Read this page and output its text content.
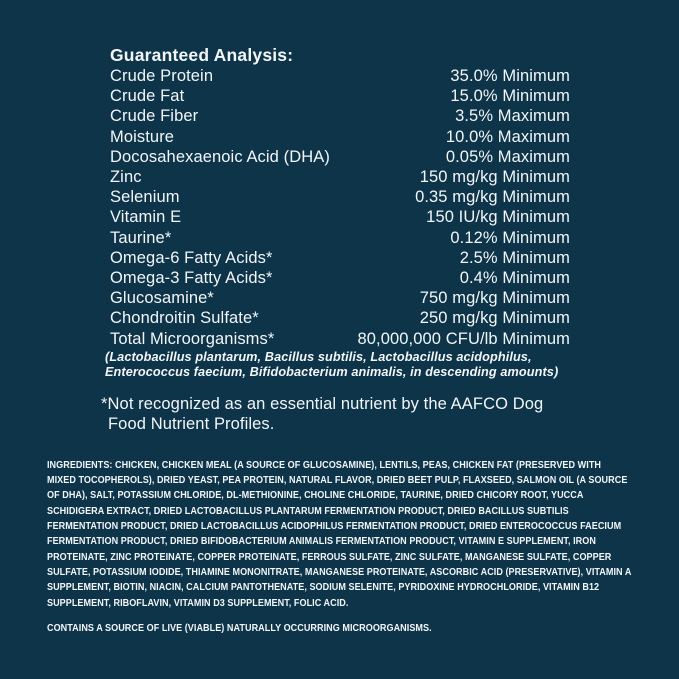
Guaranteed Analysis:
Crude Protein	35.0% Minimum
Crude Fat	15.0% Minimum
Crude Fiber	3.5% Maximum
Moisture	10.0% Maximum
Docosahexaenoic Acid (DHA)	0.05% Maximum
Zinc	150 mg/kg Minimum
Selenium	0.35 mg/kg Minimum
Vitamin E	150 IU/kg Minimum
Taurine*	0.12% Minimum
Omega-6 Fatty Acids*	2.5% Minimum
Omega-3 Fatty Acids*	0.4% Minimum
Glucosamine*	750 mg/kg Minimum
Chondroitin Sulfate*	250 mg/kg Minimum
Total Microorganisms*	80,000,000 CFU/lb Minimum
(Lactobacillus plantarum, Bacillus subtilis, Lactobacillus acidophilus,
Enterococcus faecium, Bifidobacterium animalis, in descending amounts)
*Not recognized as an essential nutrient by the AAFCO Dog
Food Nutrient Profiles.

INGREDIENTS: CHICKEN, CHICKEN MEAL (A SOURCE OF GLUCOSAMINE), LENTILS, PEAS, CHICKEN FAT (PRESERVED WITH MIXED TOCOPHEROLS), DRIED YEAST, PEA PROTEIN, NATURAL FLAVOR, DRIED BEET PULP, FLAXSEED, SALMON OIL (A SOURCE OF DHA), SALT, POTASSIUM CHLORIDE, DL-METHIONINE, CHOLINE CHLORIDE, TAURINE, DRIED CHICORY ROOT, YUCCA SCHIDIGERA EXTRACT, DRIED LACTOBACILLUS PLANTARUM FERMENTATION PRODUCT, DRIED BACILLUS SUBTILIS FERMENTATION PRODUCT, DRIED LACTOBACILLUS ACIDOPHILUS FERMENTATION PRODUCT, DRIED ENTEROCOCCUS FAECIUM FERMENTATION PRODUCT, DRIED BIFIDOBACTERIUM ANIMALIS FERMENTATION PRODUCT, VITAMIN E SUPPLEMENT, IRON PROTEINATE, ZINC PROTEINATE, COPPER PROTEINATE, FERROUS SULFATE, ZINC SULFATE, MANGANESE SULFATE, COPPER SULFATE, POTASSIUM IODIDE, THIAMINE MONONITRATE, MANGANESE PROTEINATE, ASCORBIC ACID (PRESERVATIVE), VITAMIN A SUPPLEMENT, BIOTIN, NIACIN, CALCIUM PANTOTHENATE, SODIUM SELENITE, PYRIDOXINE HYDROCHLORIDE, VITAMIN B12 SUPPLEMENT, RIBOFLAVIN, VITAMIN D3 SUPPLEMENT, FOLIC ACID.

CONTAINS A SOURCE OF LIVE (VIABLE) NATURALLY OCCURRING MICROORGANISMS.
